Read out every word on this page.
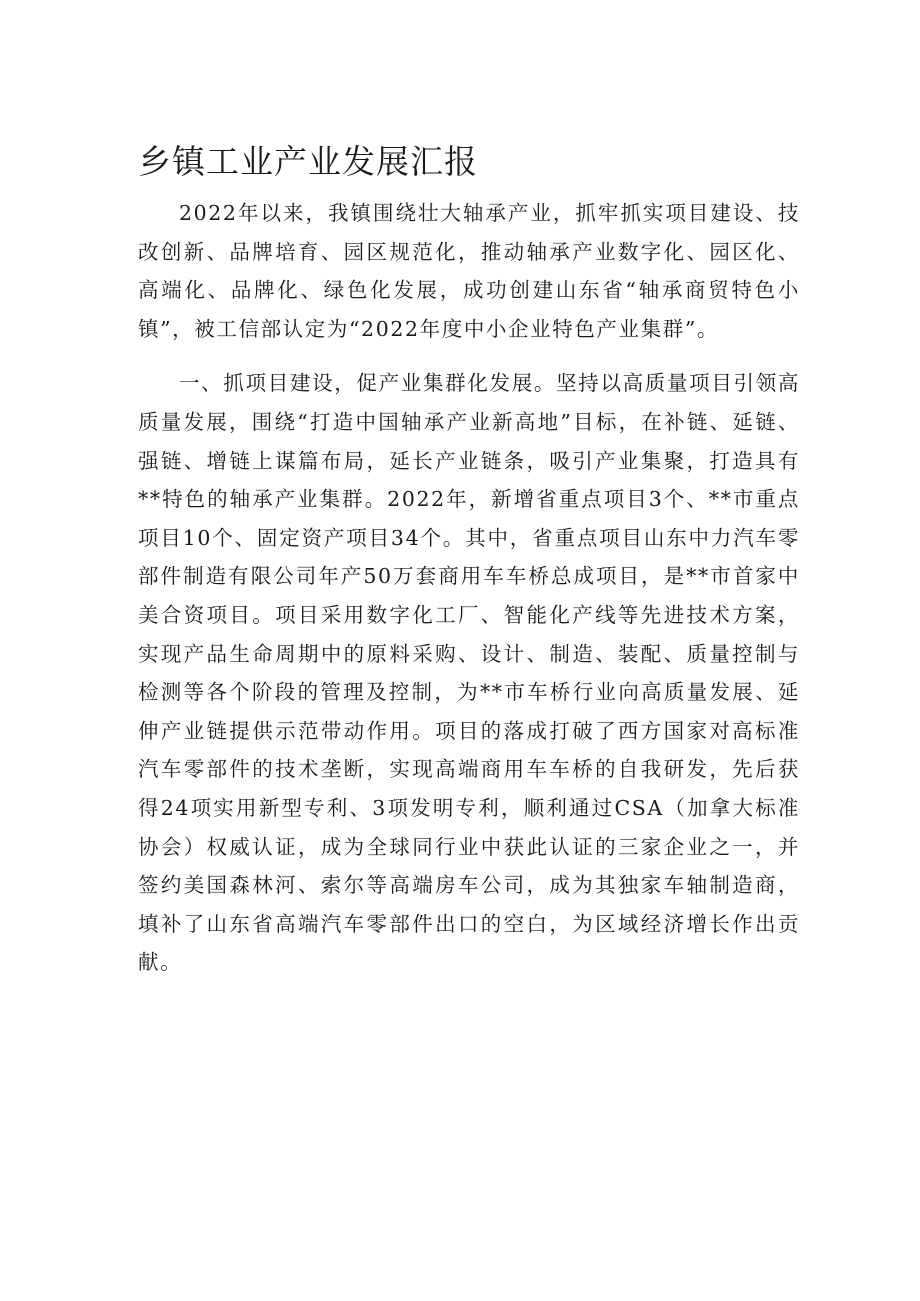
乡镇工业产业发展汇报

2022年以来，我镇围绕壮大轴承产业，抓牢抓实项目建设、技改创新、品牌培育、园区规范化，推动轴承产业数字化、园区化、高端化、品牌化、绿色化发展，成功创建山东省“轴承商贸特色小镇”，被工信部认定为“2022年度中小企业特色产业集群”。

一、抓项目建设，促产业集群化发展。坚持以高质量项目引领高质量发展，围绕“打造中国轴承产业新高地”目标，在补链、延链、强链、增链上谋篇布局，延长产业链条，吸引产业集聚，打造具有**特色的轴承产业集群。2022年，新增省重点项目3个、**市重点项目10个、固定资产项目34个。其中，省重点项目山东中力汽车零部件制造有限公司年产50万套商用车车桥总成项目，是**市首家中美合资项目。项目采用数字化工厂、智能化产线等先进技术方案，实现产品生命周期中的原料采购、设计、制造、装配、质量控制与检测等各个阶段的管理及控制，为**市车桥行业向高质量发展、延伸产业链提供示范带动作用。项目的落成打破了西方国家对高标准汽车零部件的技术垄断，实现高端商用车车桥的自我研发，先后获得24项实用新型专利、3项发明专利，顺利通过CSA（加拿大标准协会）权威认证，成为全球同行业中获此认证的三家企业之一，并签约美国森林河、索尔等高端房车公司，成为其独家车轴制造商，填补了山东省高端汽车零部件出口的空白，为区域经济增长作出贡献。
